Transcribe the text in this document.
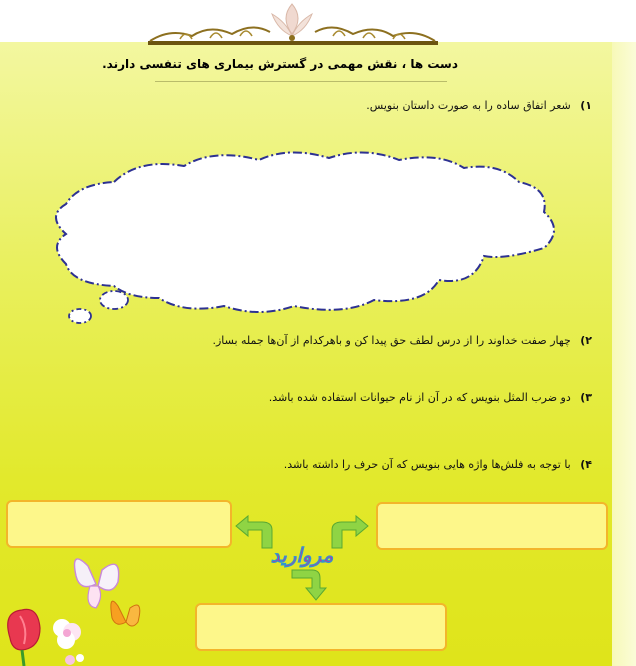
دست ها ، نقش مهمی در گسترش بیماری های تنفسی دارند.
۱) شعر اتفاق ساده را به صورت داستان بنویس.
۲) چهار صفت خداوند را از درس لطف حق پیدا کن و باهرکدام از آن‌ها جمله بساز.
۳) دو ضرب المثل بنویس که در آن از نام حیوانات استفاده شده باشد.
۴) با توجه به فلش‌ها واژه هایی بنویس که آن حرف را داشته باشد.
مروارید
